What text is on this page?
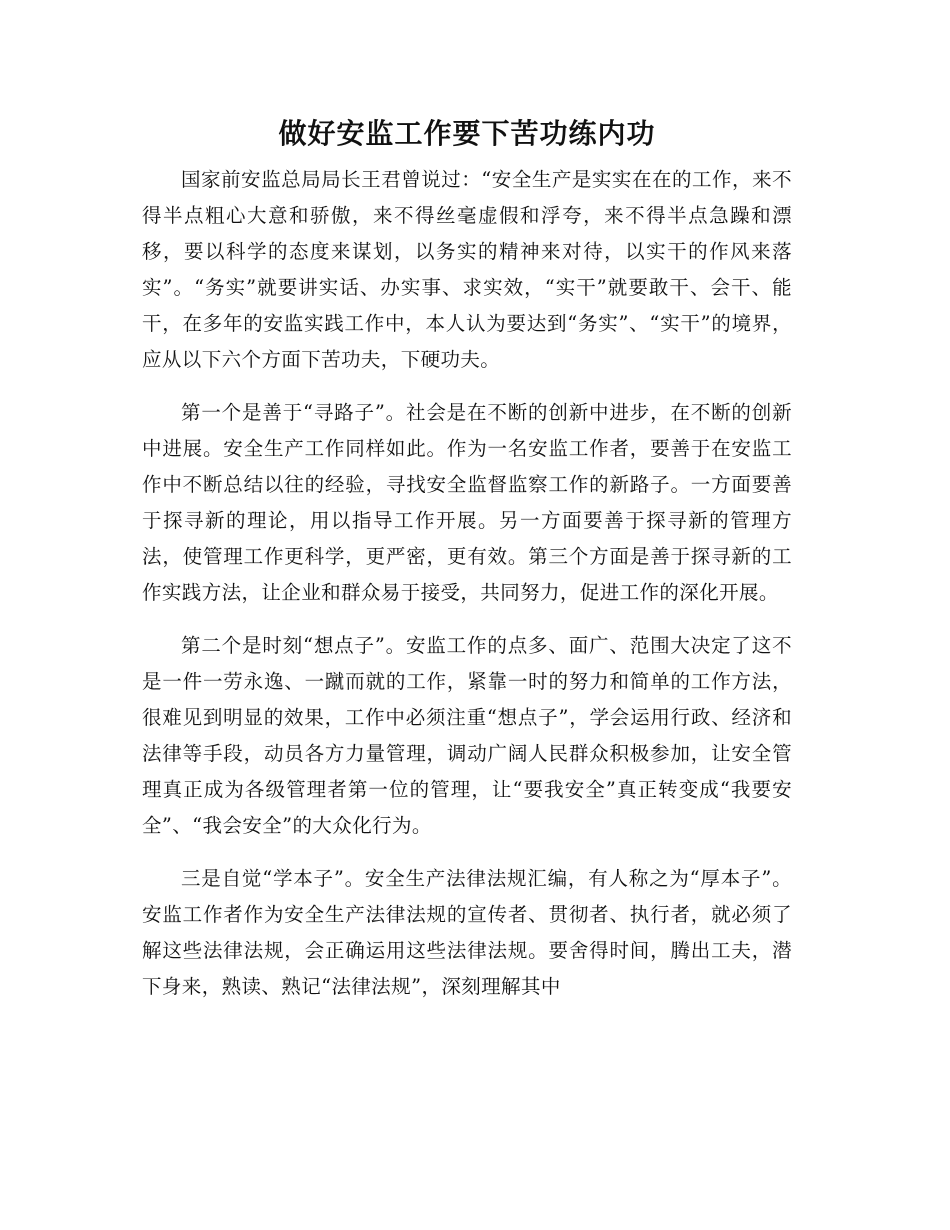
做好安监工作要下苦功练内功

国家前安监总局局长王君曾说过：“安全生产是实实在在的工作，来不得半点粗心大意和骄傲，来不得丝毫虚假和浮夸，来不得半点急躁和漂移，要以科学的态度来谋划，以务实的精神来对待，以实干的作风来落实”。“务实”就要讲实话、办实事、求实效，“实干”就要敢干、会干、能干，在多年的安监实践工作中，本人认为要达到“务实”、“实干”的境界，应从以下六个方面下苦功夫，下硬功夫。

第一个是善于“寻路子”。社会是在不断的创新中进步，在不断的创新中进展。安全生产工作同样如此。作为一名安监工作者，要善于在安监工作中不断总结以往的经验，寻找安全监督监察工作的新路子。一方面要善于探寻新的理论，用以指导工作开展。另一方面要善于探寻新的管理方法，使管理工作更科学，更严密，更有效。第三个方面是善于探寻新的工作实践方法，让企业和群众易于接受，共同努力，促进工作的深化开展。

第二个是时刻“想点子”。安监工作的点多、面广、范围大决定了这不是一件一劳永逸、一蹴而就的工作，紧靠一时的努力和简单的工作方法，很难见到明显的效果，工作中必须注重“想点子”，学会运用行政、经济和法律等手段，动员各方力量管理，调动广阔人民群众积极参加，让安全管理真正成为各级管理者第一位的管理，让“要我安全”真正转变成“我要安全”、“我会安全”的大众化行为。

三是自觉“学本子”。安全生产法律法规汇编，有人称之为“厚本子”。安监工作者作为安全生产法律法规的宣传者、贯彻者、执行者，就必须了解这些法律法规，会正确运用这些法律法规。要舍得时间，腾出工夫，潜下身来，熟读、熟记“法律法规”，深刻理解其中
